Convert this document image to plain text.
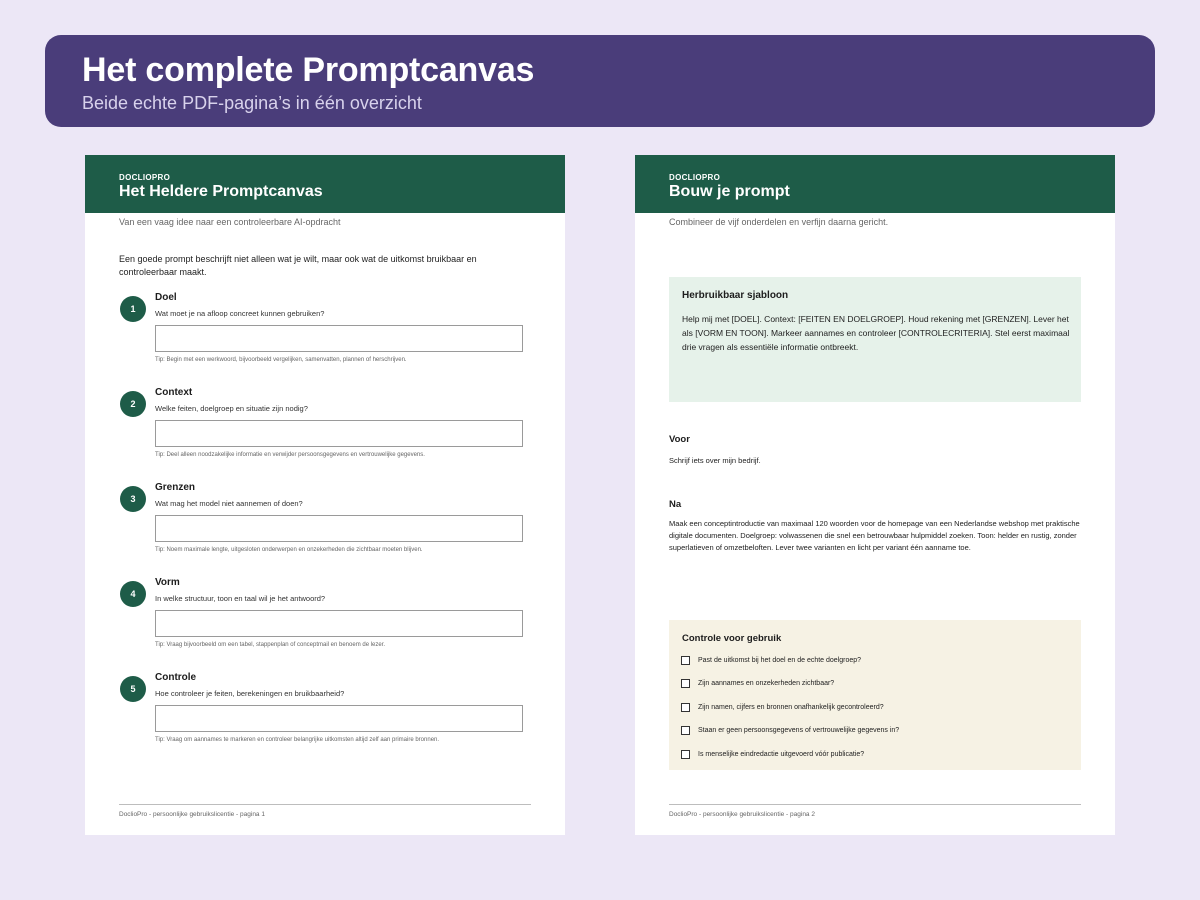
Het complete Promptcanvas
Beide echte PDF-pagina’s in één overzicht
DOCLIOPRO
Het Heldere Promptcanvas
Van een vaag idee naar een controleerbare AI-opdracht
Een goede prompt beschrijft niet alleen wat je wilt, maar ook wat de uitkomst bruikbaar en controleerbaar maakt.
1
Doel
Wat moet je na afloop concreet kunnen gebruiken?
Tip: Begin met een werkwoord, bijvoorbeeld vergelijken, samenvatten, plannen of herschrijven.
2
Context
Welke feiten, doelgroep en situatie zijn nodig?
Tip: Deel alleen noodzakelijke informatie en verwijder persoonsgegevens en vertrouwelijke gegevens.
3
Grenzen
Wat mag het model niet aannemen of doen?
Tip: Noem maximale lengte, uitgesloten onderwerpen en onzekerheden die zichtbaar moeten blijven.
4
Vorm
In welke structuur, toon en taal wil je het antwoord?
Tip: Vraag bijvoorbeeld om een tabel, stappenplan of conceptmail en benoem de lezer.
5
Controle
Hoe controleer je feiten, berekeningen en bruikbaarheid?
Tip: Vraag om aannames te markeren en controleer belangrijke uitkomsten altijd zelf aan primaire bronnen.
DoclioPro - persoonlijke gebruikslicentie - pagina 1
DOCLIOPRO
Bouw je prompt
Combineer de vijf onderdelen en verfijn daarna gericht.
Herbruikbaar sjabloon
Help mij met [DOEL]. Context: [FEITEN EN DOELGROEP]. Houd rekening met [GRENZEN]. Lever het als [VORM EN TOON]. Markeer aannames en controleer [CONTROLECRITERIA]. Stel eerst maximaal drie vragen als essentiële informatie ontbreekt.
Voor
Schrijf iets over mijn bedrijf.
Na
Maak een conceptintroductie van maximaal 120 woorden voor de homepage van een Nederlandse webshop met praktische digitale documenten. Doelgroep: volwassenen die snel een betrouwbaar hulpmiddel zoeken. Toon: helder en rustig, zonder superlatieven of omzetbeloften. Lever twee varianten en licht per variant één aanname toe.
Controle voor gebruik
Past de uitkomst bij het doel en de echte doelgroep?
Zijn aannames en onzekerheden zichtbaar?
Zijn namen, cijfers en bronnen onafhankelijk gecontroleerd?
Staan er geen persoonsgegevens of vertrouwelijke gegevens in?
Is menselijke eindredactie uitgevoerd vóór publicatie?
DoclioPro - persoonlijke gebruikslicentie - pagina 2
